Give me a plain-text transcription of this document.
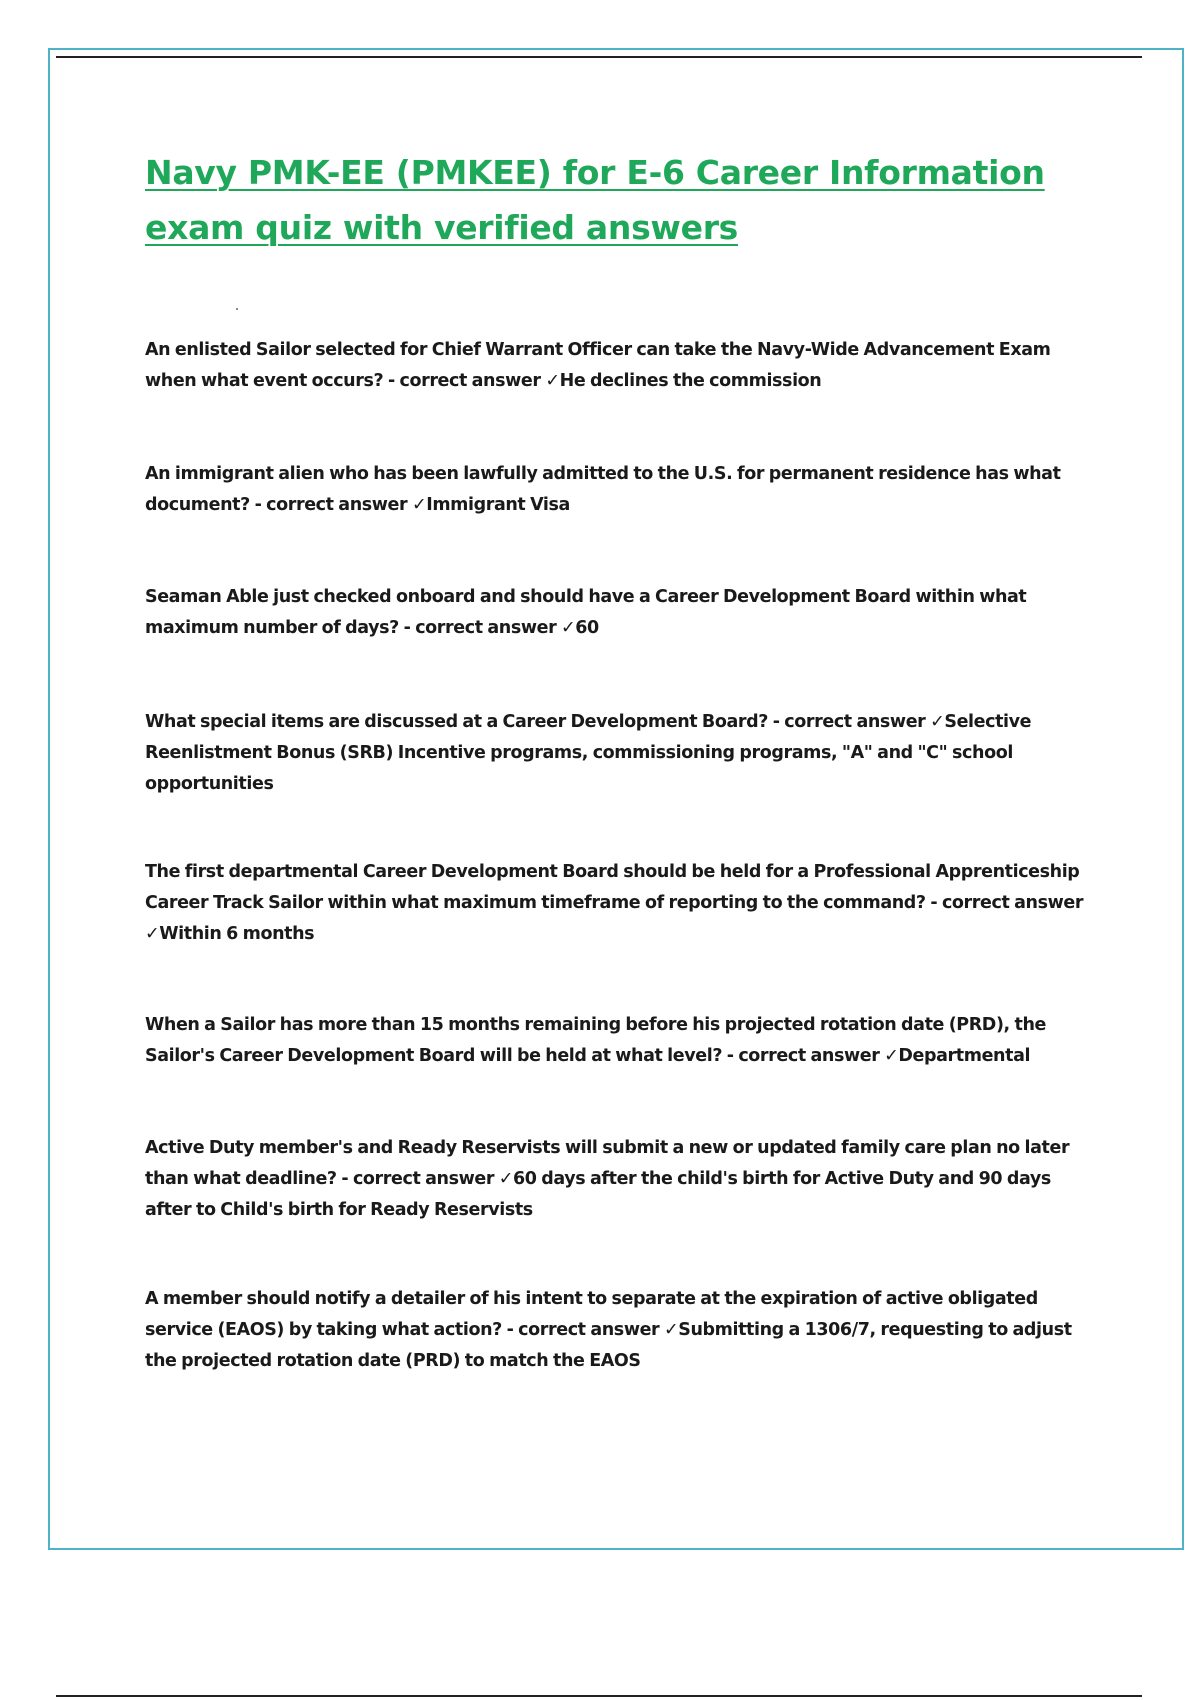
Navy PMK-EE (PMKEE) for E-6 Career Information exam quiz with verified answers
An enlisted Sailor selected for Chief Warrant Officer can take the Navy-Wide Advancement Exam when what event occurs? - correct answer ✓He declines the commission
An immigrant alien who has been lawfully admitted to the U.S. for permanent residence has what document? - correct answer ✓Immigrant Visa
Seaman Able just checked onboard and should have a Career Development Board within what maximum number of days? - correct answer ✓60
What special items are discussed at a Career Development Board? - correct answer ✓Selective Reenlistment Bonus (SRB) Incentive programs, commissioning programs, "A" and "C" school opportunities
The first departmental Career Development Board should be held for a Professional Apprenticeship Career Track Sailor within what maximum timeframe of reporting to the command? - correct answer ✓Within 6 months
When a Sailor has more than 15 months remaining before his projected rotation date (PRD), the Sailor's Career Development Board will be held at what level? - correct answer ✓Departmental
Active Duty member's and Ready Reservists will submit a new or updated family care plan no later than what deadline? - correct answer ✓60 days after the child's birth for Active Duty and 90 days after to Child's birth for Ready Reservists
A member should notify a detailer of his intent to separate at the expiration of active obligated service (EAOS) by taking what action? - correct answer ✓Submitting a 1306/7, requesting to adjust the projected rotation date (PRD) to match the EAOS
